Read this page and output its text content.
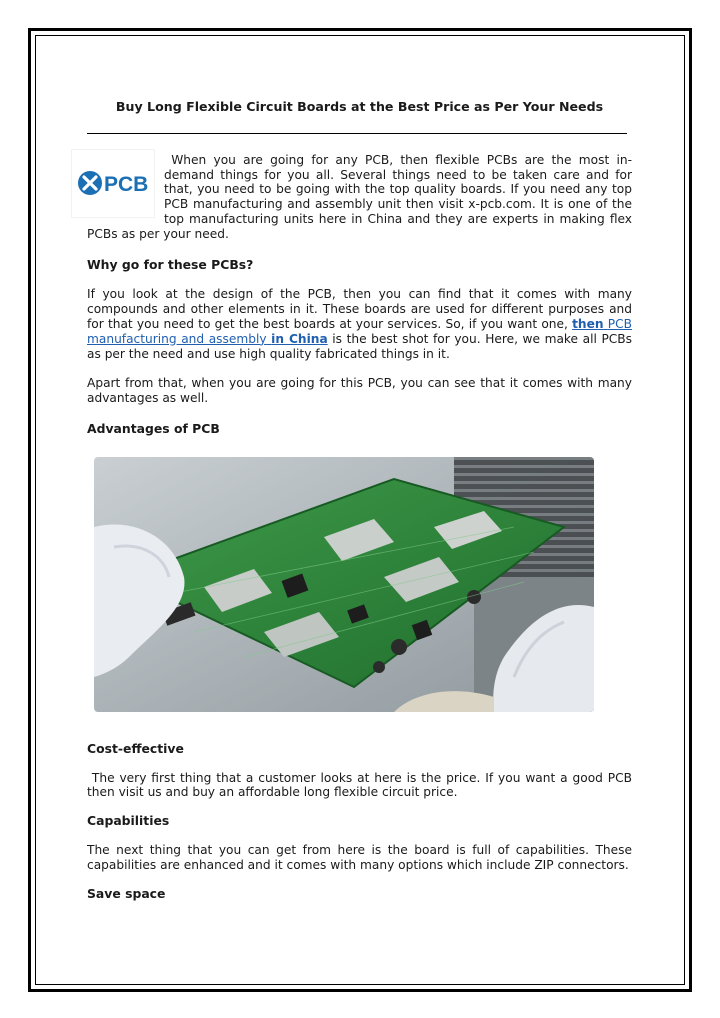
Buy Long Flexible Circuit Boards at the Best Price as Per Your Needs
PCB

When you are going for any PCB, then flexible PCBs are the most in-demand things for you all. Several things need to be taken care and for that, you need to be going with the top quality boards. If you need any top PCB manufacturing and assembly unit then visit x-pcb.com. It is one of the top manufacturing units here in China and they are experts in making flex PCBs as per your need.

Why go for these PCBs?

If you look at the design of the PCB, then you can find that it comes with many compounds and other elements in it. These boards are used for different purposes and for that you need to get the best boards at your services. So, if you want one, then PCB manufacturing and assembly in China is the best shot for you. Here, we make all PCBs as per the need and use high quality fabricated things in it.

Apart from that, when you are going for this PCB, you can see that it comes with many advantages as well.

Advantages of PCB
Cost-effective

The very first thing that a customer looks at here is the price. If you want a good PCB then visit us and buy an affordable long flexible circuit price.

Capabilities

The next thing that you can get from here is the board is full of capabilities. These capabilities are enhanced and it comes with many options which include ZIP connectors.

Save space
